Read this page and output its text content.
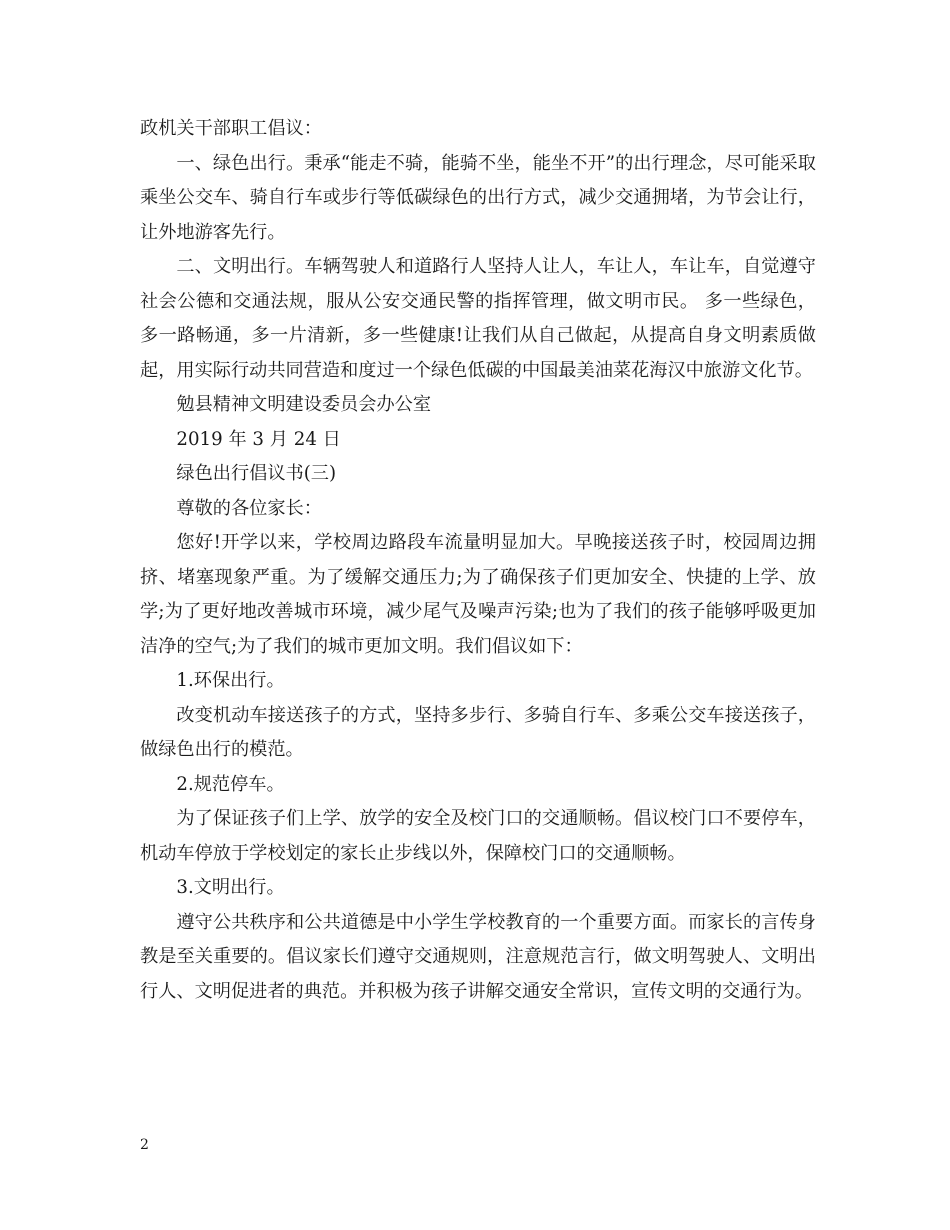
政机关干部职工倡议：

一、绿色出行。秉承“能走不骑，能骑不坐，能坐不开”的出行理念，尽可能采取乘坐公交车、骑自行车或步行等低碳绿色的出行方式，减少交通拥堵，为节会让行，让外地游客先行。

二、文明出行。车辆驾驶人和道路行人坚持人让人，车让人，车让车，自觉遵守社会公德和交通法规，服从公安交通民警的指挥管理，做文明市民。 多一些绿色，多一路畅通，多一片清新，多一些健康!让我们从自己做起，从提高自身文明素质做起，用实际行动共同营造和度过一个绿色低碳的中国最美油菜花海汉中旅游文化节。

勉县精神文明建设委员会办公室

2019 年 3 月 24 日

绿色出行倡议书(三)

尊敬的各位家长：

您好!开学以来，学校周边路段车流量明显加大。早晚接送孩子时，校园周边拥挤、堵塞现象严重。为了缓解交通压力;为了确保孩子们更加安全、快捷的上学、放学;为了更好地改善城市环境，减少尾气及噪声污染;也为了我们的孩子能够呼吸更加洁净的空气;为了我们的城市更加文明。我们倡议如下：

1.环保出行。

改变机动车接送孩子的方式，坚持多步行、多骑自行车、多乘公交车接送孩子，做绿色出行的模范。

2.规范停车。

为了保证孩子们上学、放学的安全及校门口的交通顺畅。倡议校门口不要停车，机动车停放于学校划定的家长止步线以外，保障校门口的交通顺畅。

3.文明出行。

遵守公共秩序和公共道德是中小学生学校教育的一个重要方面。而家长的言传身教是至关重要的。倡议家长们遵守交通规则，注意规范言行，做文明驾驶人、文明出行人、文明促进者的典范。并积极为孩子讲解交通安全常识，宣传文明的交通行为。

2
